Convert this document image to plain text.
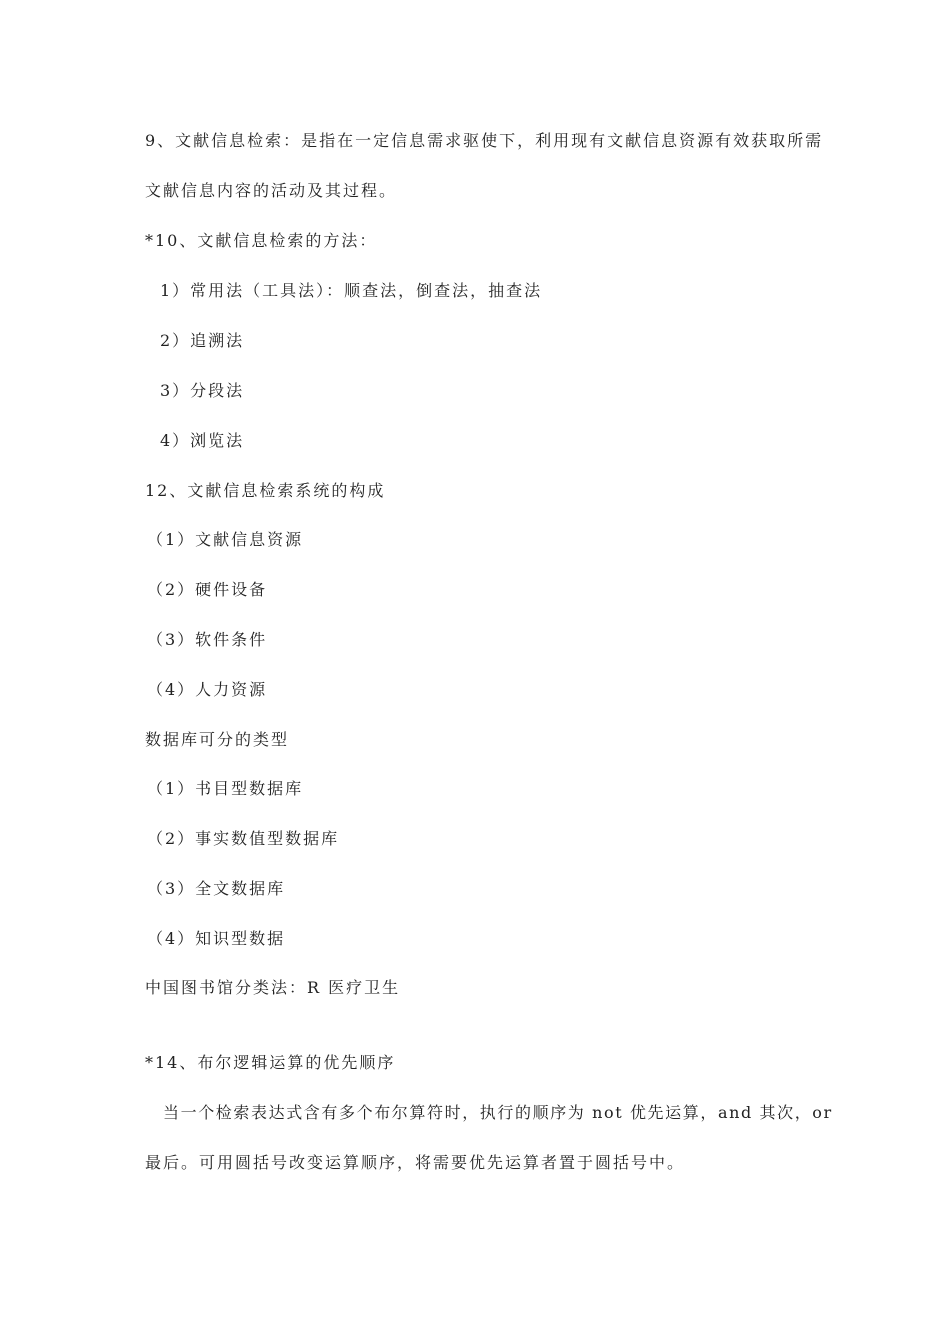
9、文献信息检索：是指在一定信息需求驱使下，利用现有文献信息资源有效获取所需
文献信息内容的活动及其过程。
*10、文献信息检索的方法：
1）常用法（工具法）：顺查法，倒查法，抽查法
2）追溯法
3）分段法
4）浏览法
12、文献信息检索系统的构成
（1）文献信息资源
（2）硬件设备
（3）软件条件
（4）人力资源
数据库可分的类型
（1）书目型数据库
（2）事实数值型数据库
（3）全文数据库
（4）知识型数据
中国图书馆分类法：R 医疗卫生
*14、布尔逻辑运算的优先顺序
当一个检索表达式含有多个布尔算符时，执行的顺序为 not 优先运算，and 其次，or
最后。可用圆括号改变运算顺序，将需要优先运算者置于圆括号中。
